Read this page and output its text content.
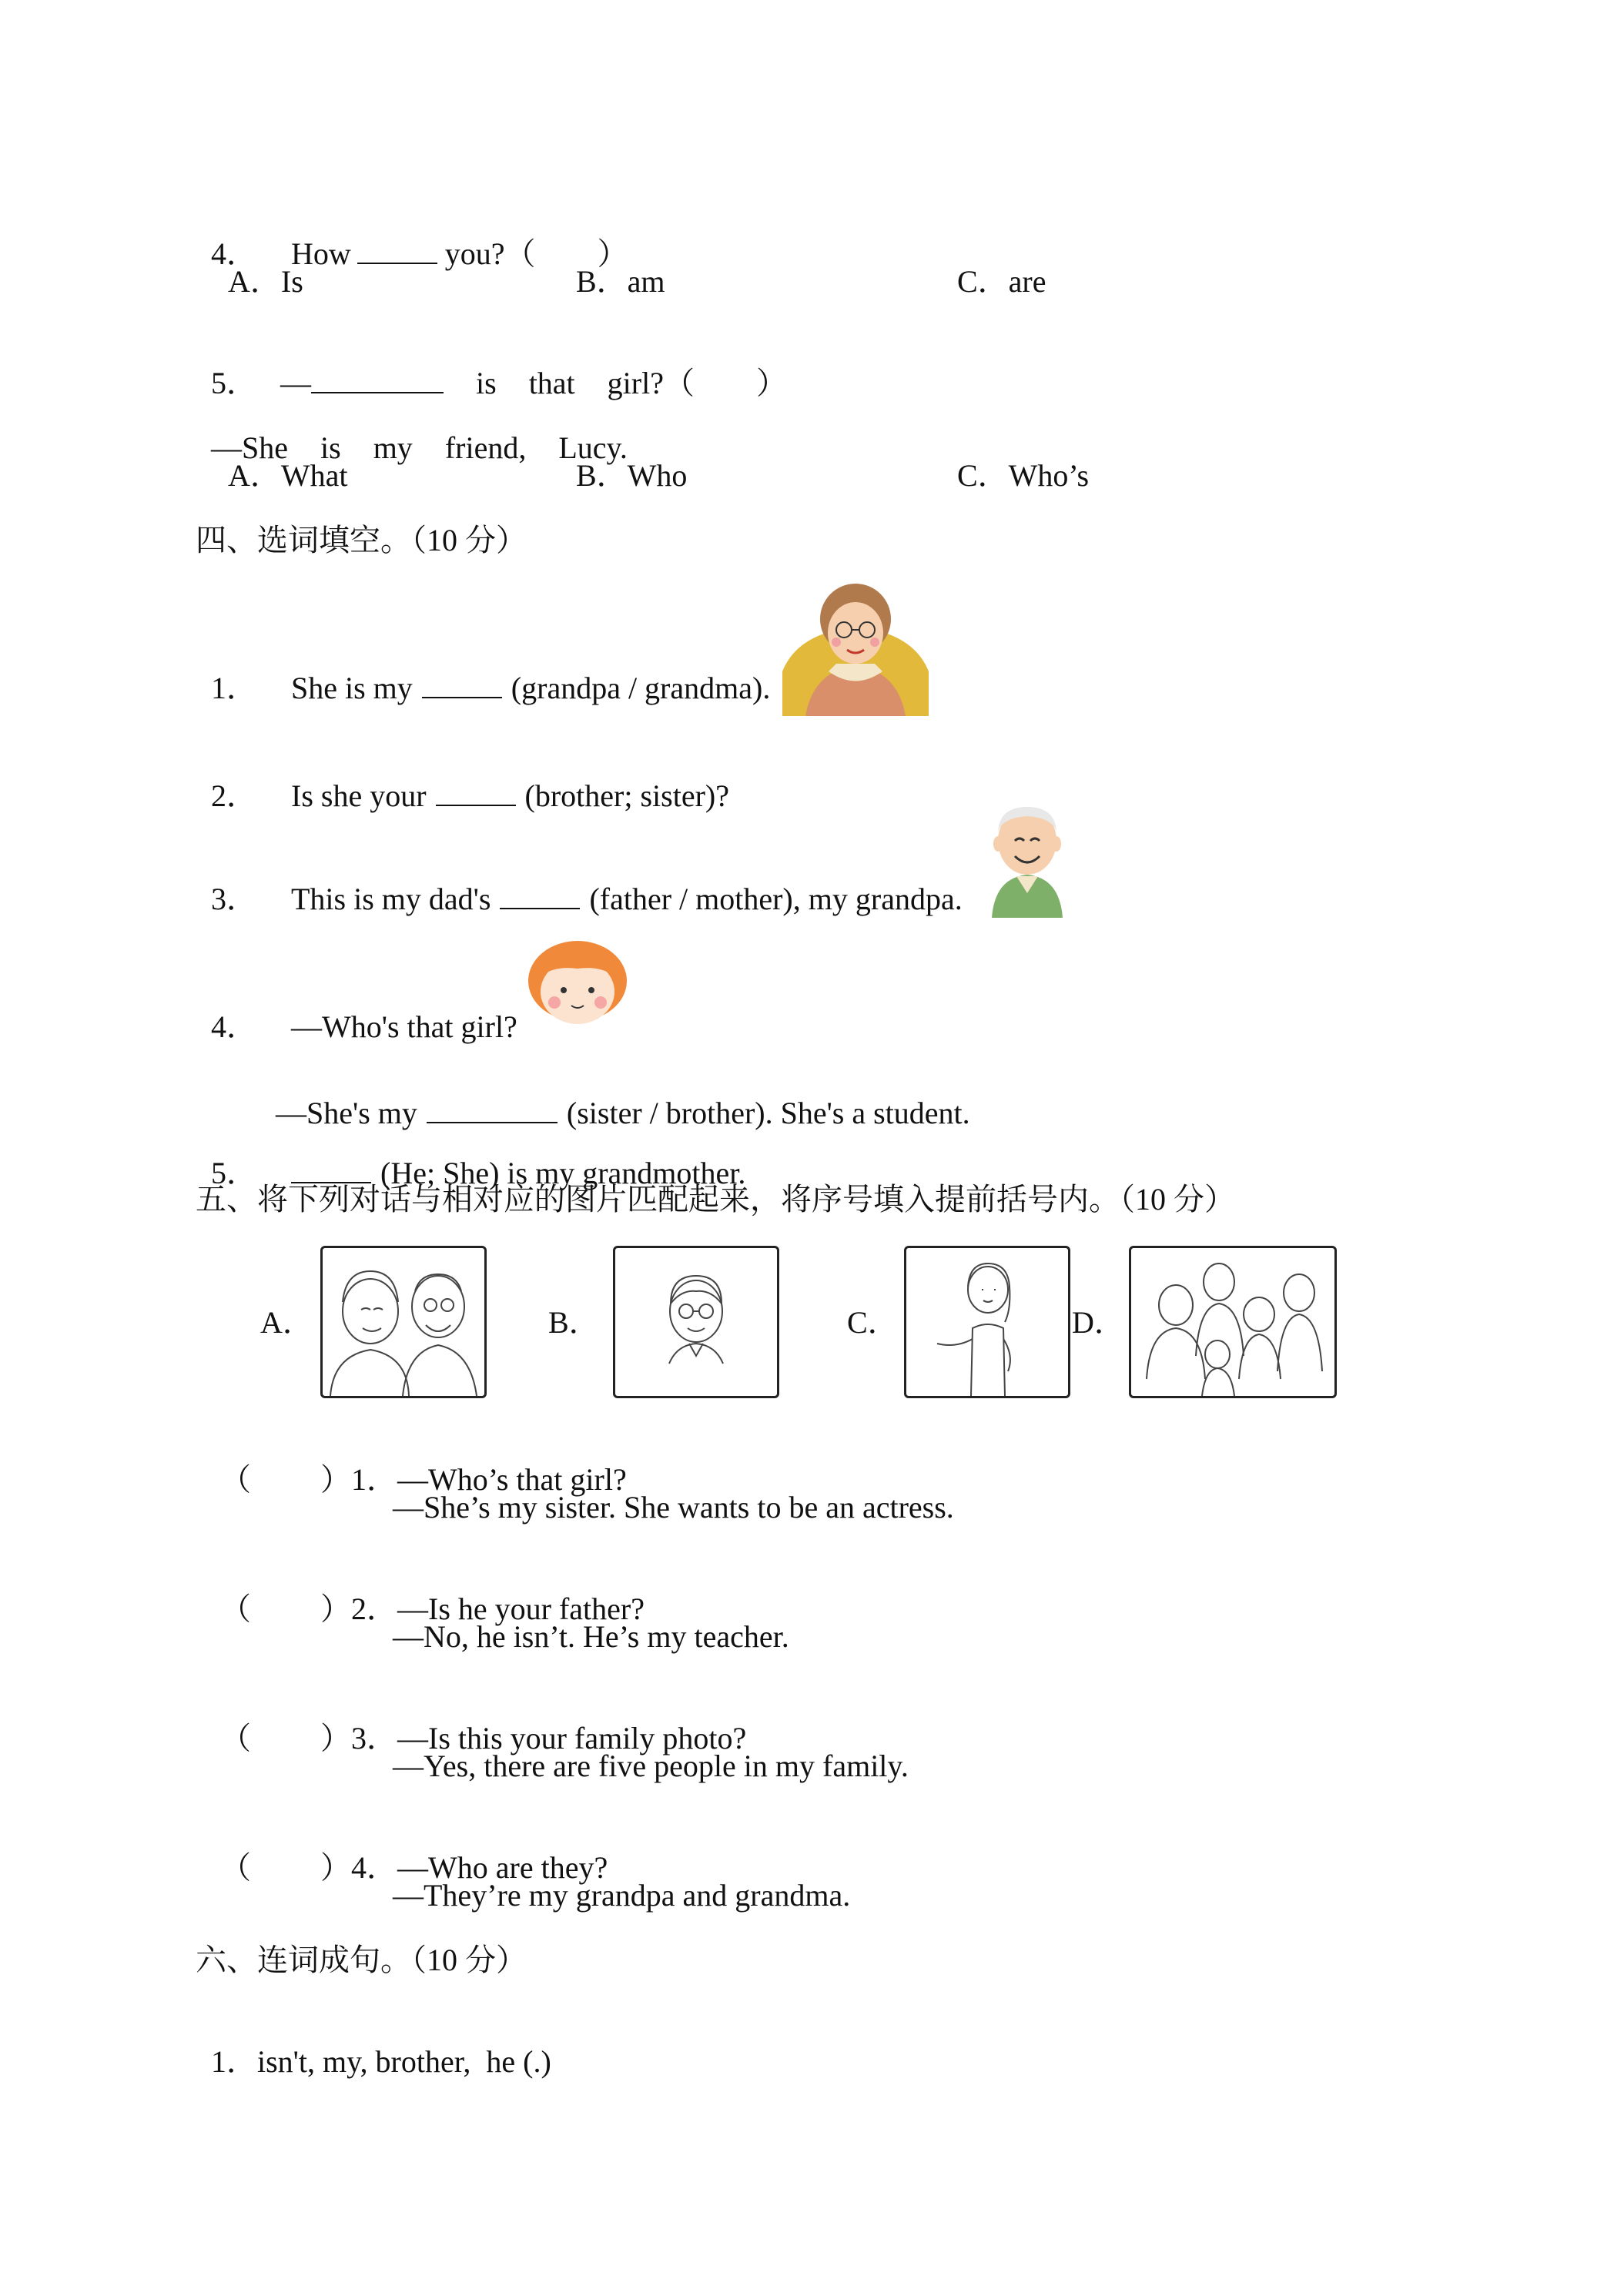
4． How	you?（ ）

A．Is	B．am	C．are

5． —	is that girl?（ ）

—She is my friend, Lucy.

A．What	B．Who	C．Who’s
四、选词填空。（10 分）

1． She is my	(grandpa / grandma).

2． Is she your	(brother; sister)?

3． This is my dad's	(father / mother), my grandpa.

4． —Who's that girl?

—She's my	(sister / brother). She's a student.

5．	(He; She) is my grandmother.

五、将下列对话与相对应的图片匹配起来，将序号填入提前括号内。（10 分）
A．	B．	C．	D．

（ ）1．—Who’s that girl?

—She’s my sister. She wants to be an actress.

（ ）2．—Is he your father?

—No, he isn’t. He’s my teacher.

（ ）3．—Is this your family photo?

—Yes, there are five people in my family.

（ ）4．—Who are they?

—They’re my grandpa and grandma.
六、连词成句。（10 分）

1．isn't, my, brother,  he (.)
